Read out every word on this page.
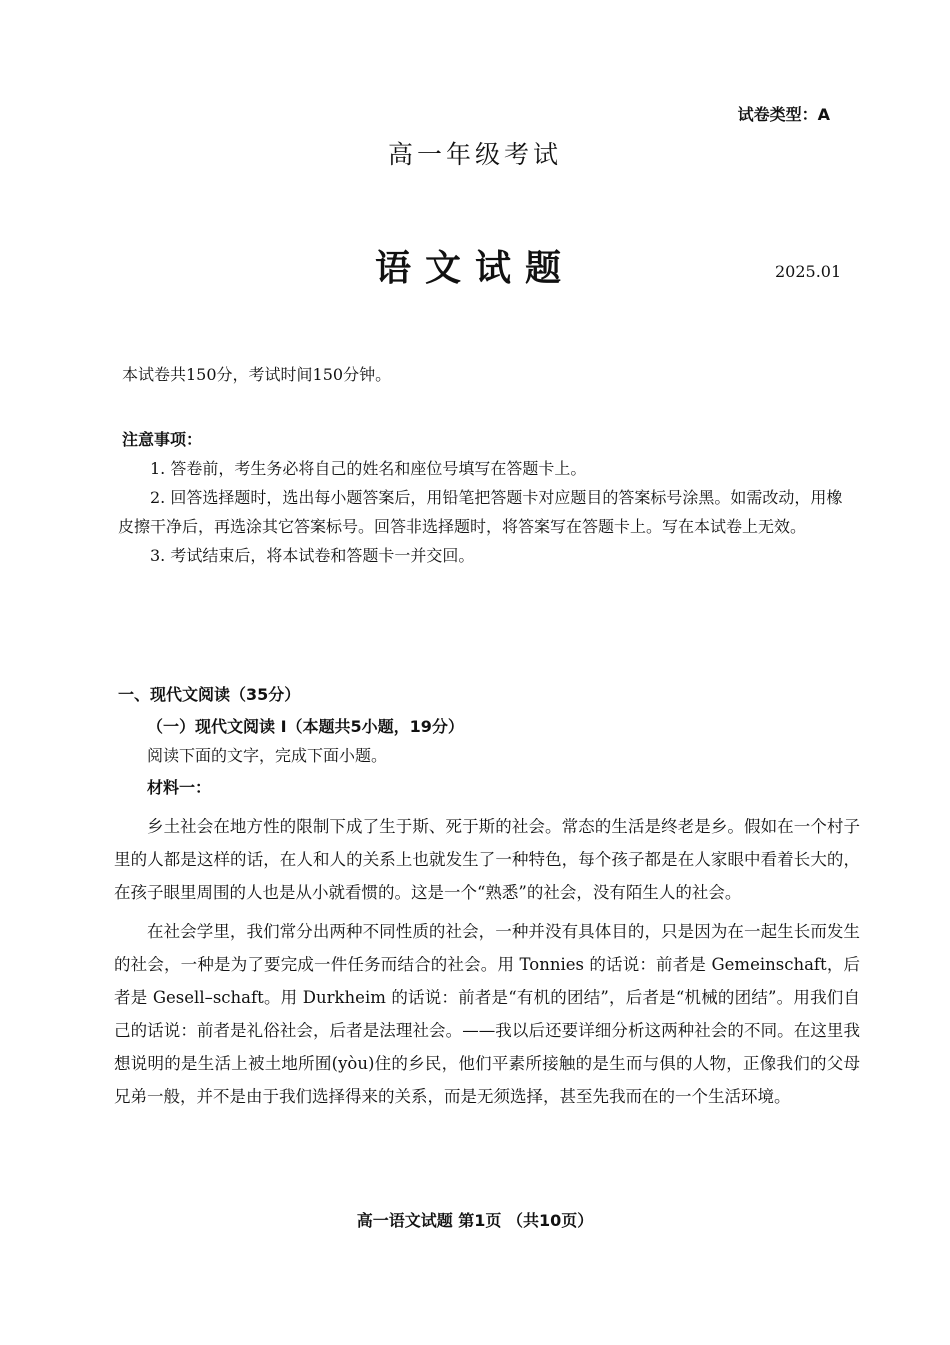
试卷类型：A
高一年级考试
语文试题	2025.01
本试卷共150分，考试时间150分钟。
注意事项：

1. 答卷前，考生务必将自己的姓名和座位号填写在答题卡上。

2. 回答选择题时，选出每小题答案后，用铅笔把答题卡对应题目的答案标号涂黑。如需改动，用橡皮擦干净后，再选涂其它答案标号。回答非选择题时，将答案写在答题卡上。写在本试卷上无效。

3. 考试结束后，将本试卷和答题卡一并交回。

一、现代文阅读（35分）
（一）现代文阅读 I（本题共5小题，19分）
阅读下面的文字，完成下面小题。
材料一：

乡土社会在地方性的限制下成了生于斯、死于斯的社会。常态的生活是终老是乡。假如在一个村子里的人都是这样的话，在人和人的关系上也就发生了一种特色，每个孩子都是在人家眼中看着长大的，在孩子眼里周围的人也是从小就看惯的。这是一个“熟悉”的社会，没有陌生人的社会。

在社会学里，我们常分出两种不同性质的社会，一种并没有具体目的，只是因为在一起生长而发生的社会，一种是为了要完成一件任务而结合的社会。用 Tonnies 的话说：前者是 Gemeinschaft，后者是 Gesell–schaft。用 Durkheim 的话说：前者是“有机的团结”，后者是“机械的团结”。用我们自己的话说：前者是礼俗社会，后者是法理社会。——我以后还要详细分析这两种社会的不同。在这里我想说明的是生活上被土地所囿(yòu)住的乡民，他们平素所接触的是生而与俱的人物，正像我们的父母兄弟一般，并不是由于我们选择得来的关系，而是无须选择，甚至先我而在的一个生活环境。

高一语文试题 第1页 （共10页）
